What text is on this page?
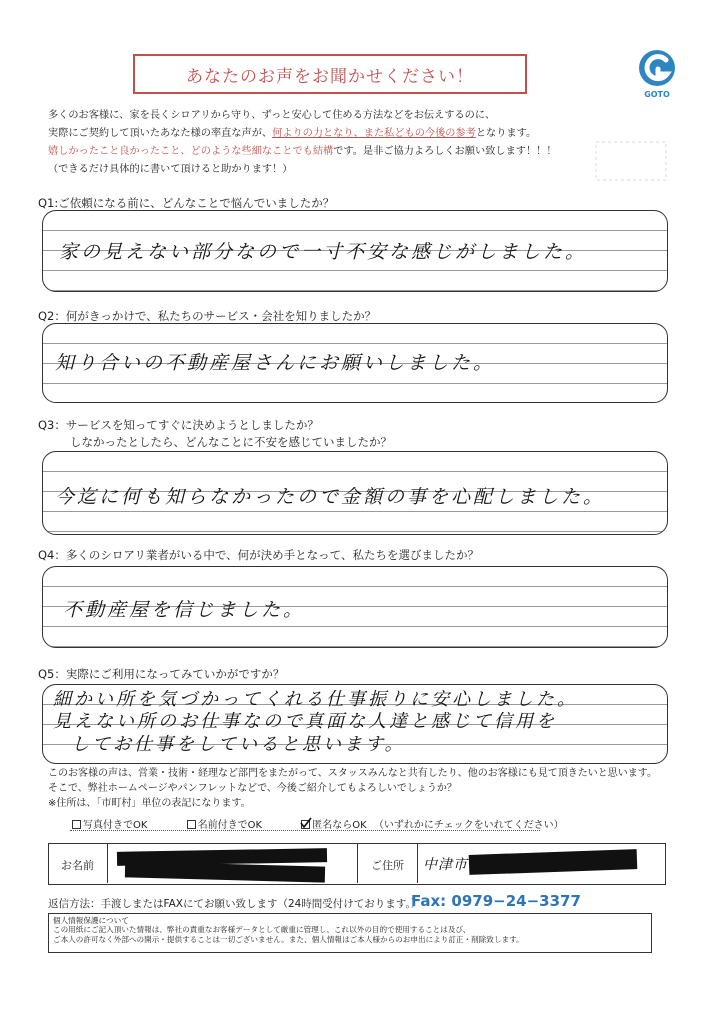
あなたのお声をお聞かせください！
GOTO
多くのお客様に、家を長くシロアリから守り、ずっと安心して住める方法などをお伝えするのに、
実際にご契約して頂いたあなた様の率直な声が、何よりの力となり、また私どもの今後の参考となります。
嬉しかったこと良かったこと、どのような些細なことでも結構です。是非ご協力よろしくお願い致します！！！
（できるだけ具体的に書いて頂けると助かります！）
Q1:ご依頼になる前に、どんなことで悩んでいましたか？
家の見えない部分なので一寸不安な感じがしました。
Q2：何がきっかけで、私たちのサービス・会社を知りましたか？
知り合いの不動産屋さんにお願いしました。
Q3：サービスを知ってすぐに決めようとしましたか？
しなかったとしたら、どんなことに不安を感じていましたか？
今迄に何も知らなかったので金額の事を心配しました。
Q4：多くのシロアリ業者がいる中で、何が決め手となって、私たちを選びましたか？
不動産屋を信じました。
Q5：実際にご利用になってみていかがですか？
細かい所を気づかってくれる仕事振りに安心しました。
見えない所のお仕事なので真面な人達と感じて信用を
してお仕事をしていると思います。
このお客様の声は、営業・技術・経理など部門をまたがって、スタッスみんなと共有したり、他のお客様にも見て頂きたいと思います。
そこで、弊社ホームページやパンフレットなどで、今後ご紹介してもよろしいでしょうか？
※住所は、「市町村」単位の表記になります。
写真付きでOK	名前付きでOK	匿名ならOK （いずれかにチェックをいれてください）
お名前	ご住所 中津市
返信方法：手渡しまたはFAXにてお願い致します（24時間受付けております。）
Fax: 0979−24−3377
個人情報保護について
この用紙にご記入頂いた情報は、弊社の責重なお客様データとして厳重に管理し、これ以外の目的で使用することは及び、
ご本人の許可なく外部への開示・提供することは一切ございません。また、個人情報はご本人様からのお申出により訂正・削除致します。
